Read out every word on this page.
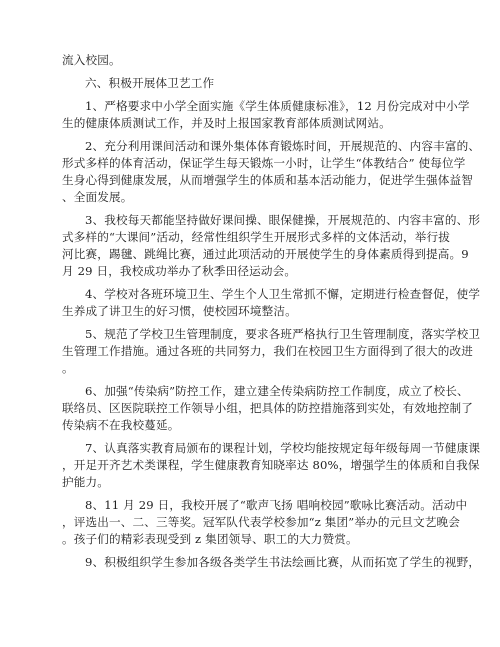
流入校园。
六、积极开展体卫艺工作
1、严格要求中小学全面实施《学生体质健康标准》，12 月份完成对中小学
生的健康体质测试工作，并及时上报国家教育部体质测试网站。
2、充分利用课间活动和课外集体体育锻炼时间，开展规范的、内容丰富的、
形式多样的体育活动，保证学生每天锻炼一小时，让学生“体教结合” 使每位学
生身心得到健康发展，从而增强学生的体质和基本活动能力，促进学生强体益智
、全面发展。
3、我校每天都能坚持做好课间操、眼保健操，开展规范的、内容丰富的、形
式多样的“大课间”活动，经常性组织学生开展形式多样的文体活动，举行拔
河比赛，踢毽、跳绳比赛，通过此项活动的开展使学生的身体素质得到提高。9
月 29 日，我校成功举办了秋季田径运动会。
4、学校对各班环境卫生、学生个人卫生常抓不懈，定期进行检查督促，使学
生养成了讲卫生的好习惯，使校园环境整洁。
5、规范了学校卫生管理制度，要求各班严格执行卫生管理制度，落实学校卫
生管理工作措施。通过各班的共同努力，我们在校园卫生方面得到了很大的改进
。
6、加强“传染病”防控工作，建立建全传染病防控工作制度，成立了校长、
联络员、区医院联控工作领导小组，把具体的防控措施落到实处，有效地控制了
传染病不在我校蔓延。
7、认真落实教育局颁布的课程计划，学校均能按规定每年级每周一节健康课
，开足开齐艺术类课程，学生健康教育知晓率达 80%，增强学生的体质和自我保
护能力。
8、11 月 29 日，我校开展了“歌声飞扬 唱响校园”歌咏比赛活动。活动中
，评选出一、二、三等奖。冠军队代表学校参加“z 集团”举办的元旦文艺晚会
。孩子们的精彩表现受到 z 集团领导、职工的大力赞赏。
9、积极组织学生参加各级各类学生书法绘画比赛，从而拓宽了学生的视野，
